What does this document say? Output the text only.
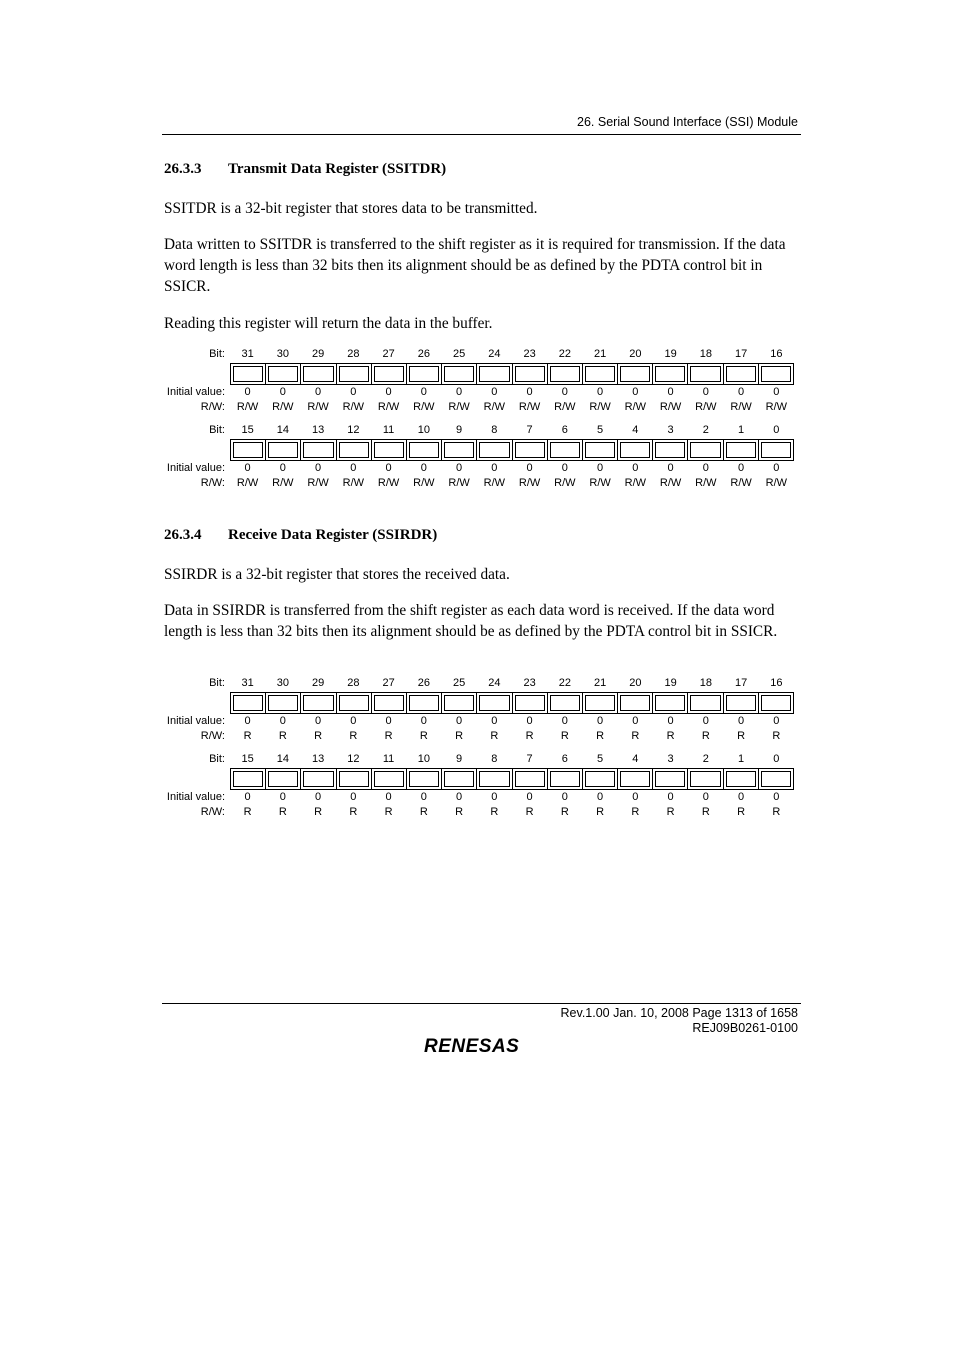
26. Serial Sound Interface (SSI) Module
26.3.3 Transmit Data Register (SSITDR)

SSITDR is a 32-bit register that stores data to be transmitted.

Data written to SSITDR is transferred to the shift register as it is required for transmission. If the data word length is less than 32 bits then its alignment should be as defined by the PDTA control bit in SSICR.

Reading this register will return the data in the buffer.

Bit:
Initial value:
R/W:
31
0
R/W
30
0
R/W
29
0
R/W
28
0
R/W
27
0
R/W
26
0
R/W
25
0
R/W
24
0
R/W
23
0
R/W
22
0
R/W
21
0
R/W
20
0
R/W
19
0
R/W
18
0
R/W
17
0
R/W
16
0
R/W
Bit:
Initial value:
R/W:
15
0
R/W
14
0
R/W
13
0
R/W
12
0
R/W
11
0
R/W
10
0
R/W
9
0
R/W
8
0
R/W
7
0
R/W
6
0
R/W
5
0
R/W
4
0
R/W
3
0
R/W
2
0
R/W
1
0
R/W
0
0
R/W
26.3.4 Receive Data Register (SSIRDR)

SSIRDR is a 32-bit register that stores the received data.

Data in SSIRDR is transferred from the shift register as each data word is received. If the data word length is less than 32 bits then its alignment should be as defined by the PDTA control bit in SSICR.

Bit:
Initial value:
R/W:
31
0
R
30
0
R
29
0
R
28
0
R
27
0
R
26
0
R
25
0
R
24
0
R
23
0
R
22
0
R
21
0
R
20
0
R
19
0
R
18
0
R
17
0
R
16
0
R
Bit:
Initial value:
R/W:
15
0
R
14
0
R
13
0
R
12
0
R
11
0
R
10
0
R
9
0
R
8
0
R
7
0
R
6
0
R
5
0
R
4
0
R
3
0
R
2
0
R
1
0
R
0
0
R
Rev.1.00 Jan. 10, 2008 Page 1313 of 1658
REJ09B0261-0100
RENESAS
